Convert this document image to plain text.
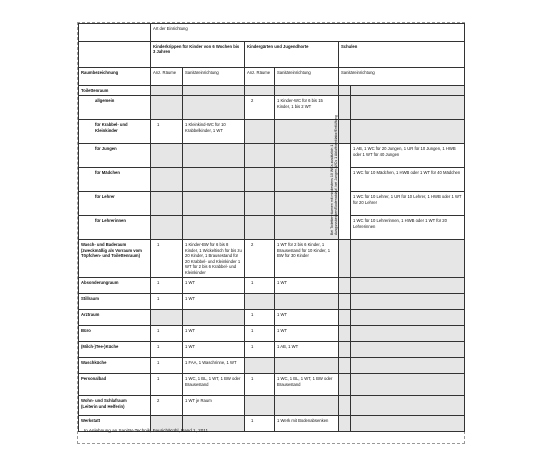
	Art der Einrichtung					
	Kinderkrippen für Kinder von 6 Wochen bis 3 Jahren		Kindergärten und Jugendhorte		Schulen	
Raumbezeichnung	Anz. Räume	Sanitäreinrichtung	Anz. Räume	Sanitäreinrichtung	Sanitäreinrichtung	
Toilettenraum						
allgemein			2	1 Kinder-WC für 6 bis 15 Kinder, 1 bis 2 WT		
für Krabbel- und Kleinkinder	1	1 Kleinkind-WC für 10 Krabbelkinder, 1 WT				
für Jungen					Bei Toilettenräumen mit mindestens 10 WCs zusätzlich 1 Ausgussbecken/Bodenablauf, bei Jungen-WCs 1 Abluftventilator/Entlüftung	1 AB, 1 WC für 20 Jungen, 1 UR für 10 Jungen, 1 HWB oder 1 WT für 40 Jungen
für Mädchen						1 WC für 10 Mädchen, 1 HWB oder 1 WT für 40 Mädchen
für Lehrer						1 WC für 10 Lehrer, 1 UR für 10 Lehrer, 1 HWB oder 1 WT für 20 Lehrer
für Lehrerinnen						1 WC für 10 Lehrerinnen, 1 HWB oder 1 WT für 20 Lehrerinnen
Wasch- und Baderaum (zweckmäßig als Vorraum vom Töpfchen- und Toilettenraum)	1	1 Kinder-BW für 6 bis 8 Kinder, 1 Wickeltisch für bis zu 20 Kinder, 1 Brausestand für 20 Krabbel- und Kleinkinder 1 WT für 2 bis 6 Krabbel- und Kleinkinder	2	1 WT für 2 bis 6 Kinder, 1 Brausestand für 10 Kinder, 1 BW für 30 Kinder		
Absonderungraum	1	1 WT	1	1 WT		
Stillraum	1	1 WT				
Arztraum			1	1 WT		
Büro	1	1 WT	1	1 WT		
(Milch-)Tee-)Küche	1	1 WT	1	1 AB, 1 WT		
Waschküche	1	1 FAA, 1 Waschrinne, 1 WT				
Personalbad	1	1 WC, 1 BL, 1 WT, 1 BW oder Brausestand	1	1 WC, 1 BL, 1 WT, 1 BW oder Brausestand		

Wohn- und Schlafraum
(Leiterin und Helferin)	2	1 WT je Raum				
Werkstatt			1	1 Werk mit Bodenabsenken		
In Anlehnung an Sanitär-Technik, Feurich/Kühl, Band 1, 2011
